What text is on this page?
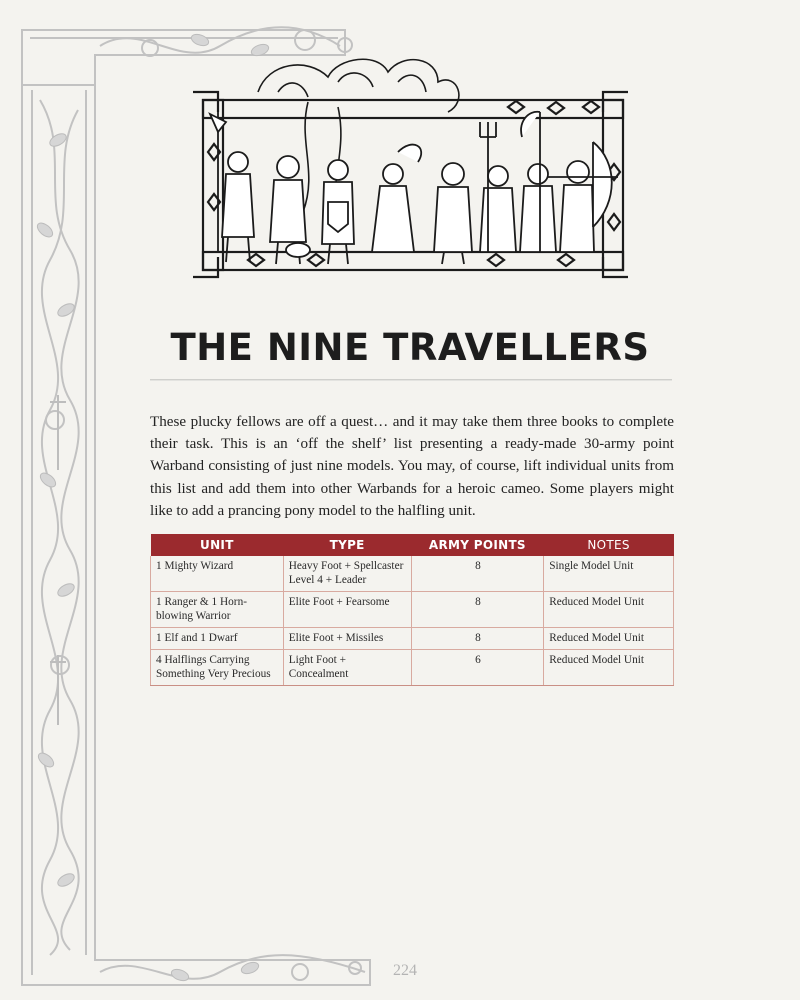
THE NINE TRAVELLERS

These plucky fellows are off a quest… and it may take them three books to complete their task. This is an ‘off the shelf’ list presenting a ready-made 30-army point Warband consisting of just nine models. You may, of course, lift individual units from this list and add them into other Warbands for a heroic cameo. Some players might like to add a prancing pony model to the halfling unit.

UNIT	TYPE	ARMY POINTS	NOTES
1 Mighty Wizard	Heavy Foot + Spellcaster Level 4 + Leader	8	Single Model Unit
1 Ranger & 1 Horn-blowing Warrior	Elite Foot + Fearsome	8	Reduced Model Unit
1 Elf and 1 Dwarf	Elite Foot + Missiles	8	Reduced Model Unit
4 Halflings Carrying Something Very Precious	Light Foot + Concealment	6	Reduced Model Unit
224
